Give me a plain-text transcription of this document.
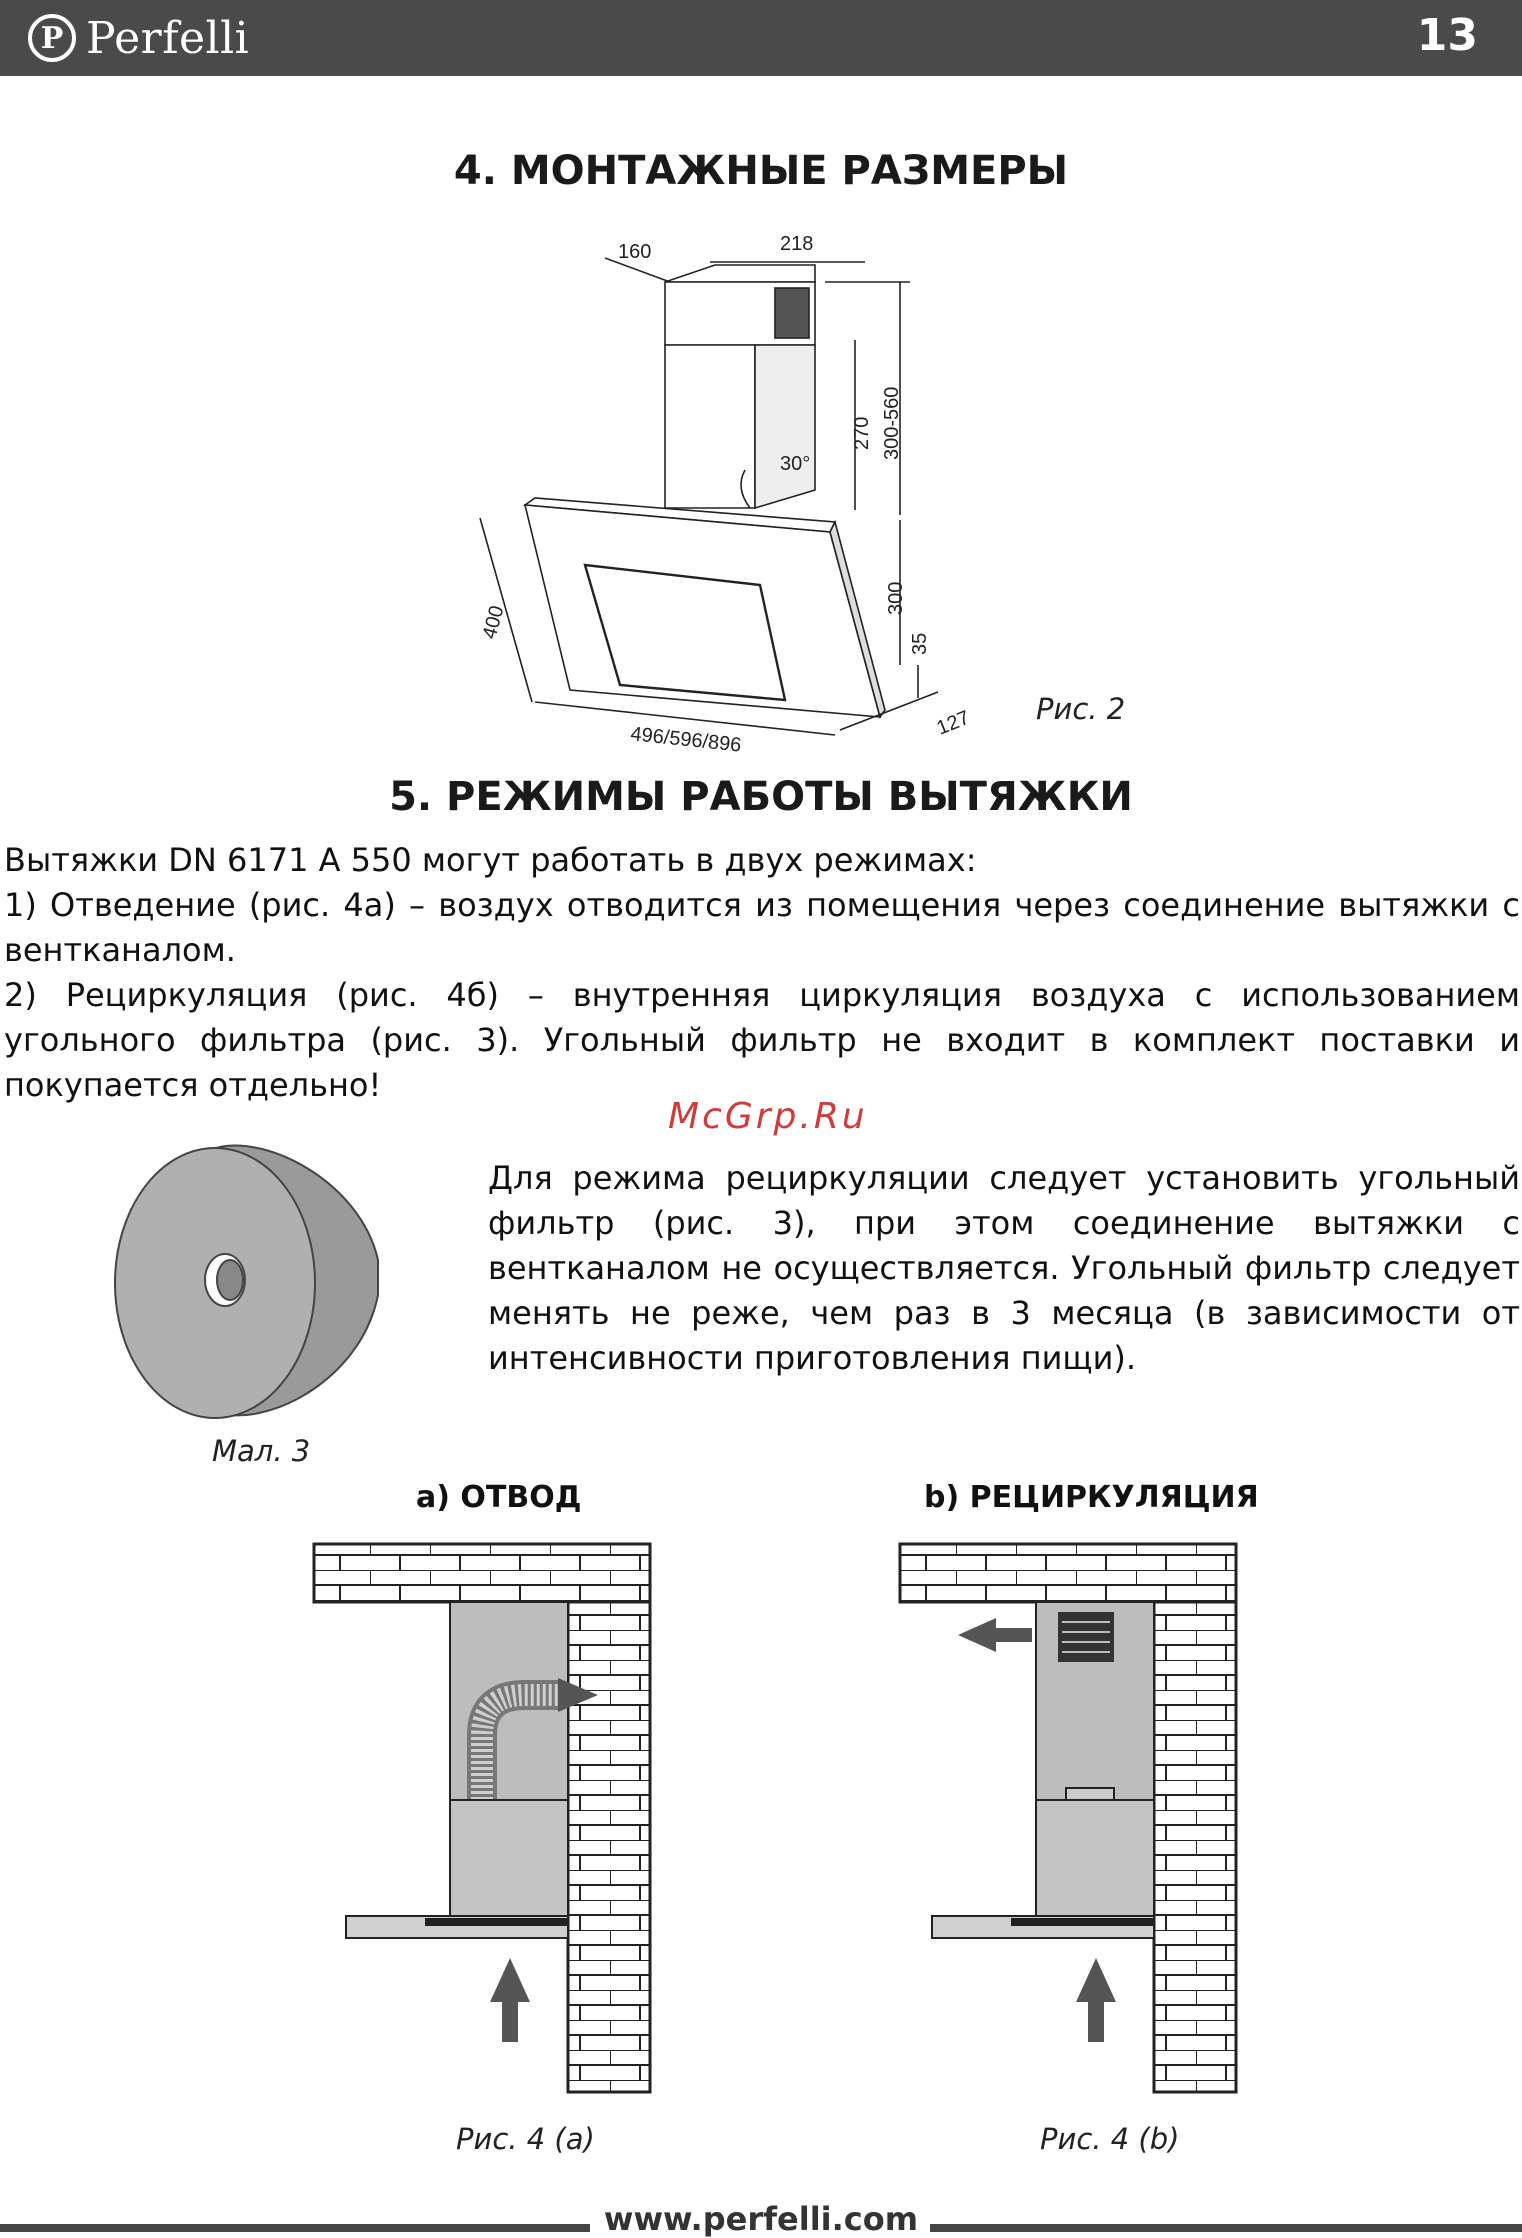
P Perfelli	13
4. МОНТАЖНЫЕ РАЗМЕРЫ
160	218
270 300-560
30°
300
35
400
496/596/896	127 Рис. 2
5. РЕЖИМЫ РАБОТЫ ВЫТЯЖКИ
Вытяжки DN 6171 A 550 могут работать в двух режимах:
1) Отведение (рис. 4а) – воздух отводится из помещения через соединение вытяжки с вентканалом.
2) Рециркуляция (рис. 4б) – внутренняя циркуляция воздуха с использованием угольного фильтра (рис. 3). Угольный фильтр не входит в комплект поставки и покупается отдельно!
McGrp.Ru
Мал. 3

Для режима рециркуляции следует установить угольный фильтр (рис. 3), при этом соединение вытяжки с вентканалом не осуществляется. Угольный фильтр следует менять не реже, чем раз в 3 месяца (в зависимости от интенсивности приготовления пищи).

a) ОТВОД	b) РЕЦИРКУЛЯЦИЯ
Рис. 4 (a)	Рис. 4 (b)
www.perfelli.com
